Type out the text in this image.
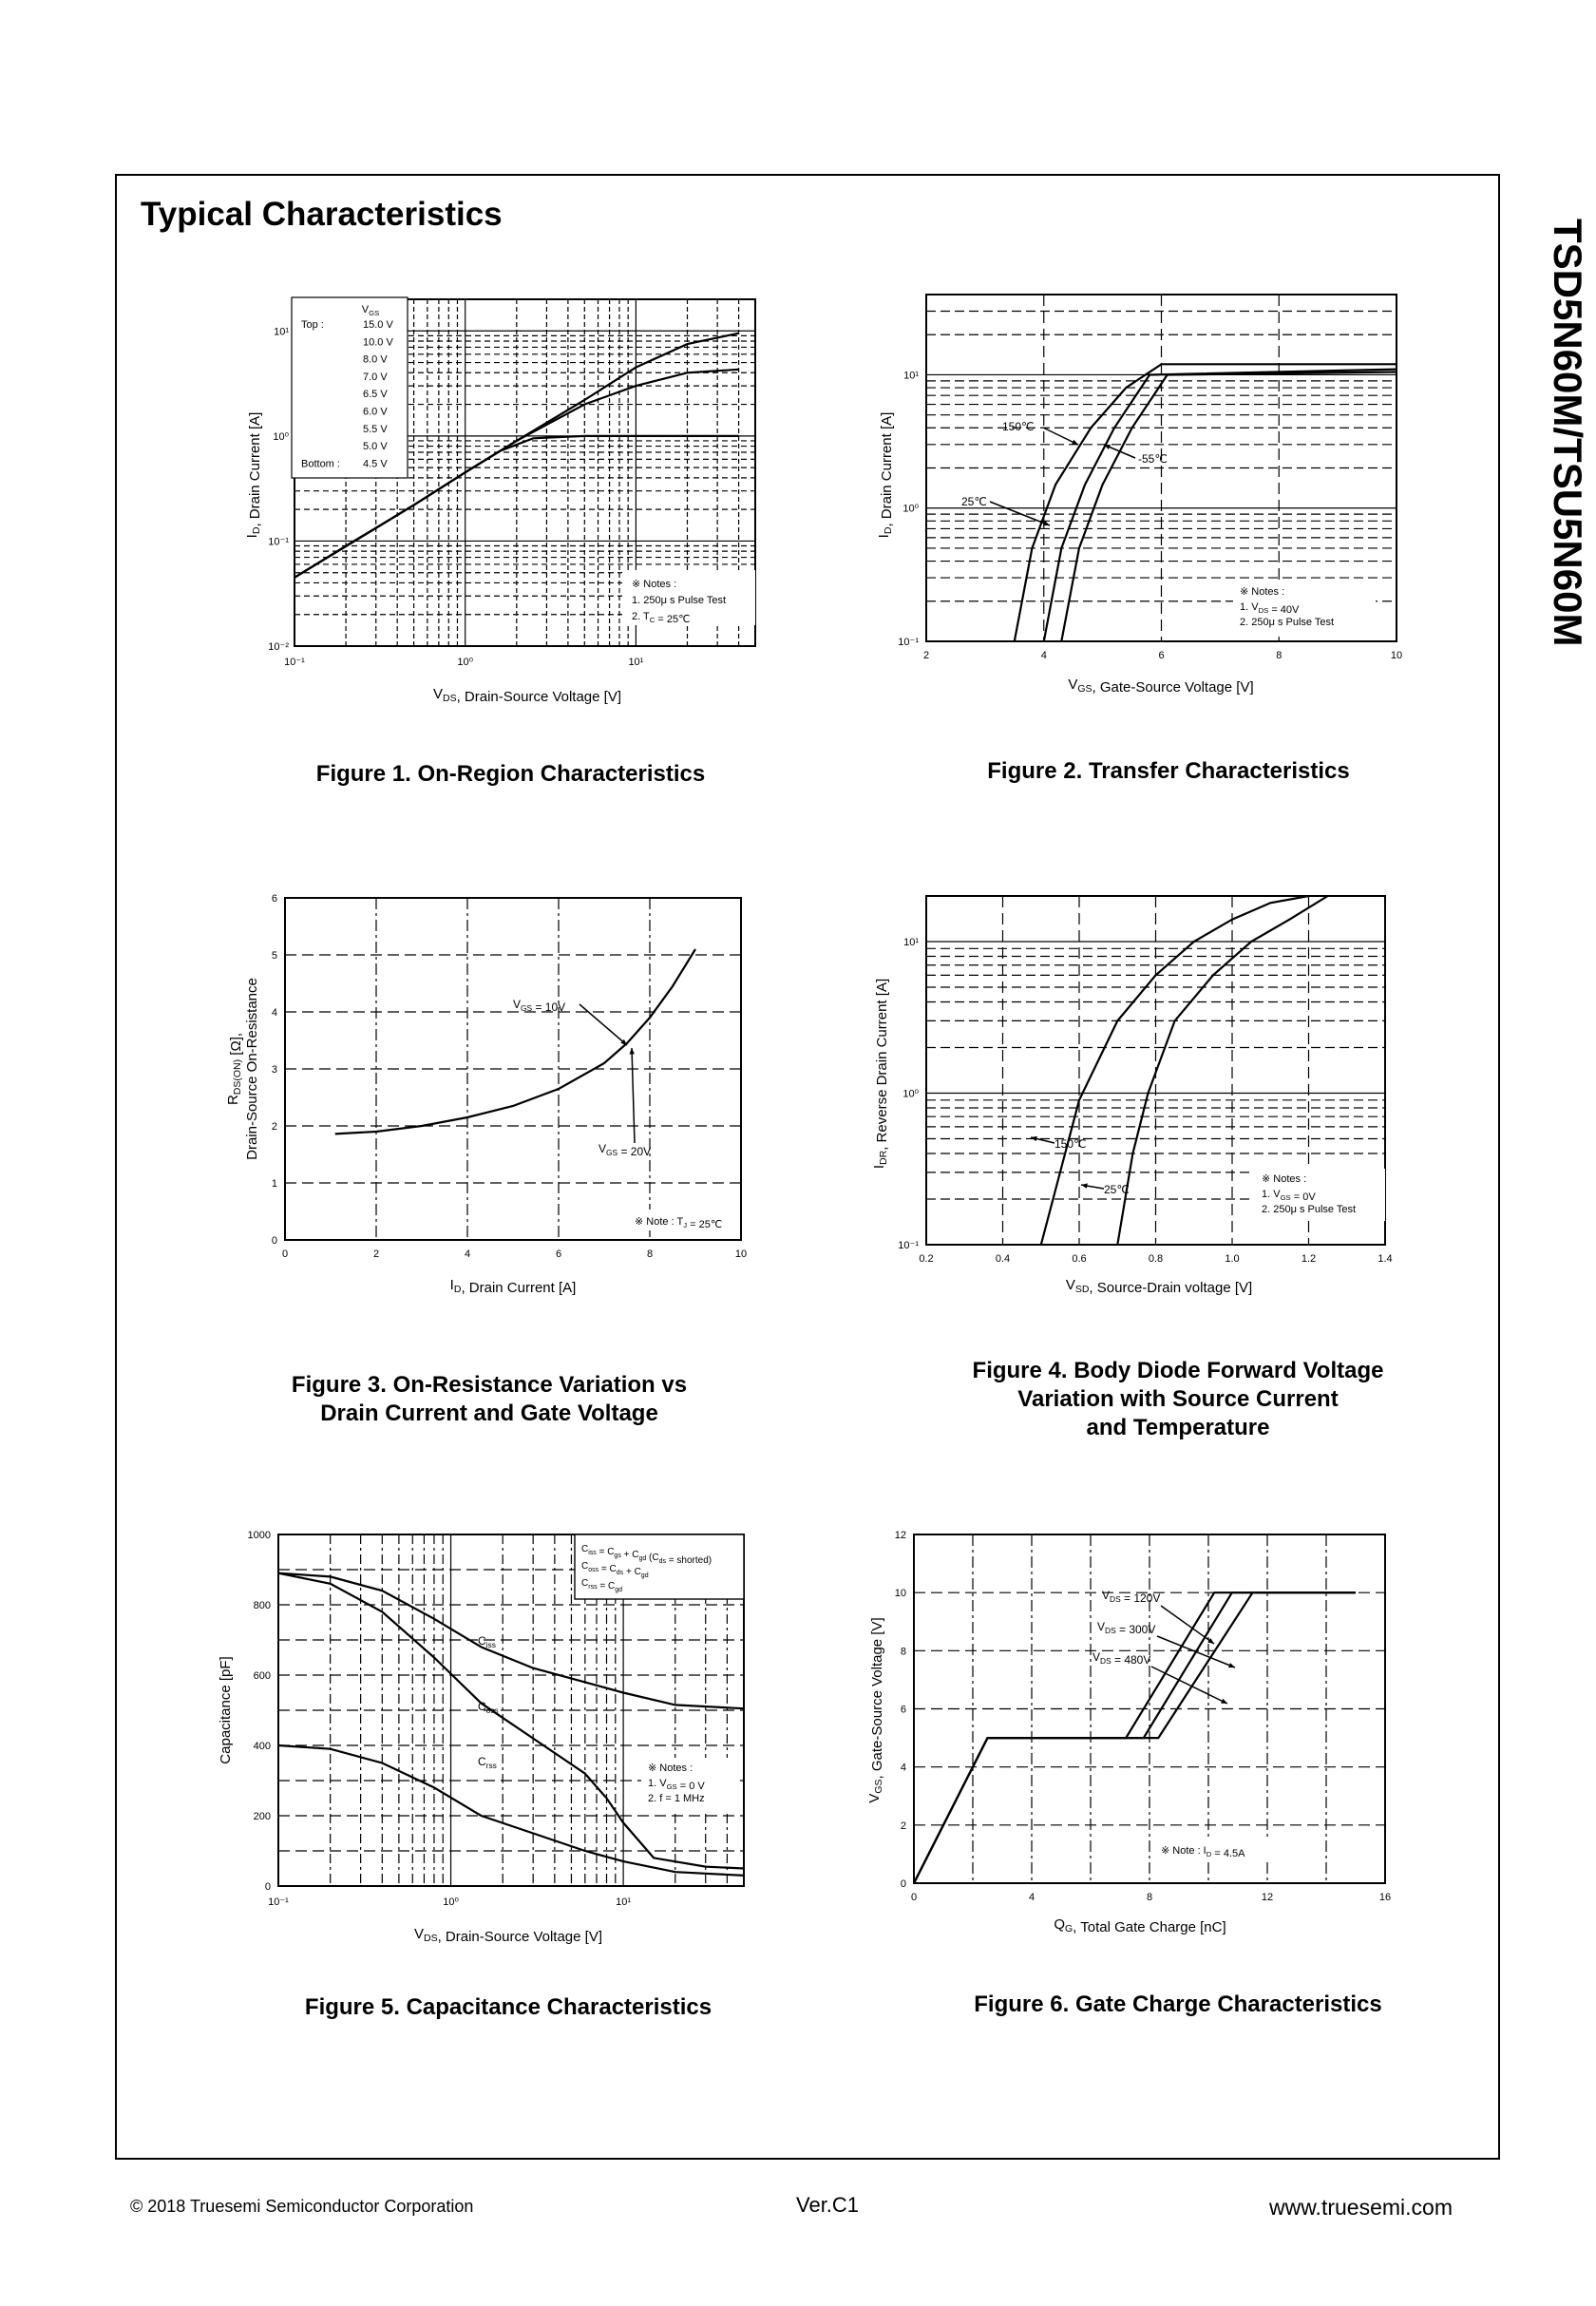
Typical Characteristics
TSD5N60M/TSU5N60M
10⁻¹	10⁰	10¹
10⁻²
10⁻¹
10⁰
10¹
$V_{GS}$
Top :	15.0 V
10.0 V
8.0 V
7.0 V
6.5 V
6.0 V
5.5 V
5.0 V
Bottom : 4.5 V
※ Notes :
1. 250μ s Pulse Test
2. $T_C$ = 25℃
$V_{DS}$, Drain-Source Voltage [V]
$I_D$, Drain Current [A]
Figure 1. On-Region Characteristics
2	4	6	8	10
10⁻¹
10⁰
10¹
150℃
-55℃
25℃
※ Notes :
1. $V_{DS} = 40V$
2. 250μ s Pulse Test
$V_{GS}$, Gate-Source Voltage [V]
$I_D$, Drain Current [A]
Figure 2. Transfer Characteristics
0	2	4	6	8	10
0
1
2
3
4
5
6
$V_{GS} = 10V$
$V_{GS} = 20V$
※ Note : $T_J$ = 25℃
$I_D$, Drain Current [A]
$R_{DS(ON)}$ [Ω], Drain-Source On-Resistance
Figure 3. On-Resistance Variation vs
Drain Current and Gate Voltage
0.2	0.4	0.6	0.8	1.0	1.2	1.4
10⁻¹
10⁰
10¹
150℃
25℃
※ Notes :
1. $V_{GS} = 0V$
2. 250μ s Pulse Test
$V_{SD}$, Source-Drain voltage [V]
$I_{DR}$, Reverse Drain Current [A]
Figure 4. Body Diode Forward Voltage
Variation with Source Current
and Temperature
10⁻¹	10⁰	10¹
0
200
400
600
800
1000
$C_{iss} = C_{gs} + C_{gd}$ ($C_{ds}$ = shorted)
$C_{oss} = C_{ds} + C_{gd}$
$C_{rss} = C_{gd}$
$C_{iss}$
$C_{oss}$
$C_{rss}$	※ Notes :
1. $V_{GS} = 0$ V
2. f = 1 MHz
$V_{DS}$, Drain-Source Voltage [V]
Capacitance [pF]
Figure 5. Capacitance Characteristics
0	4	8	12	16
0
2
4
6
8
10
12
$V_{DS} = 120V$
$V_{DS} = 300V$
$V_{DS} = 480V$
※ Note : $I_D = 4.5A$
$Q_G$, Total Gate Charge [nC]
$V_{GS}$, Gate-Source Voltage [V]
Figure 6. Gate Charge Characteristics
© 2018 Truesemi Semiconductor Corporation	Ver.C1	www.truesemi.com
